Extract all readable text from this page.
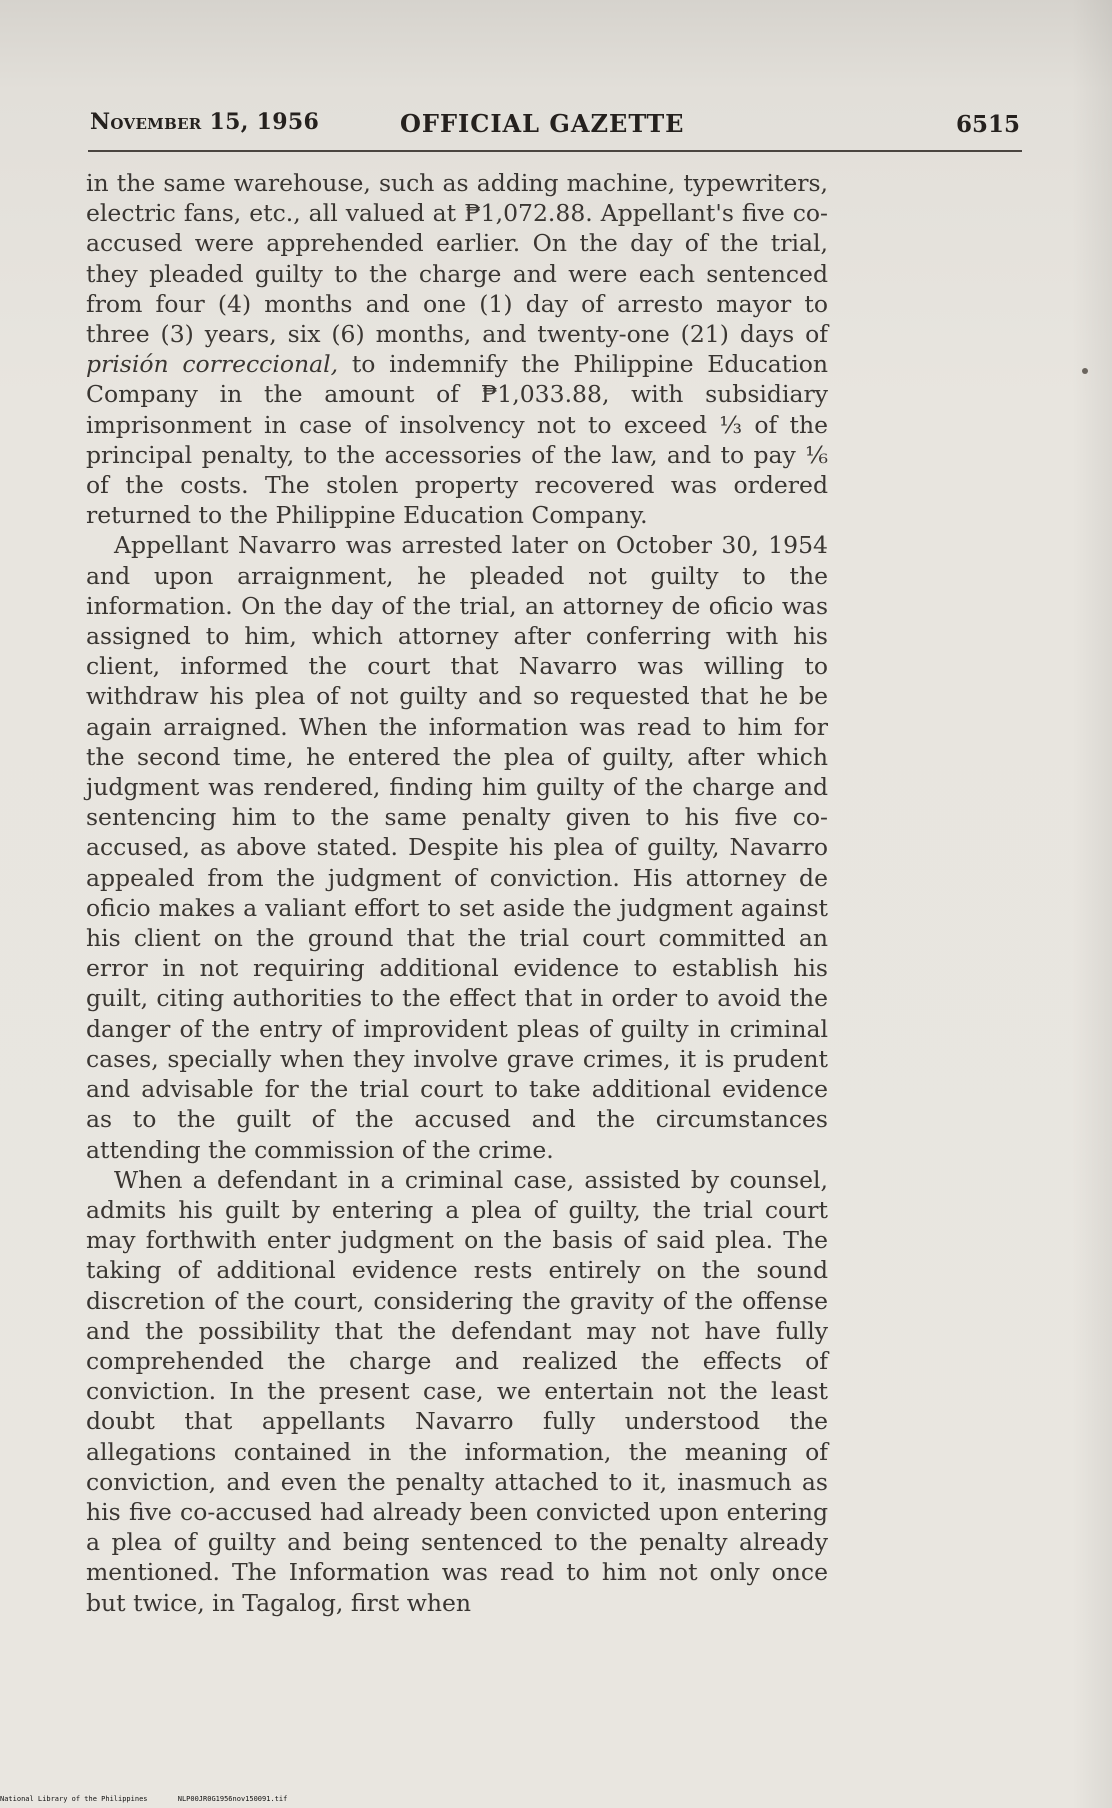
November 15, 1956	OFFICIAL GAZETTE	6515

in the same warehouse, such as adding machine, typewriters, electric fans, etc., all valued at ₱1,072.88. Appellant's five co-accused were apprehended earlier. On the day of the trial, they pleaded guilty to the charge and were each sentenced from four (4) months and one (1) day of arresto mayor to three (3) years, six (6) months, and twenty-one (21) days of prisión correccional, to indemnify the Philippine Education Company in the amount of ₱1,033.88, with subsidiary imprisonment in case of insolvency not to exceed ⅓ of the principal penalty, to the accessories of the law, and to pay ⅙ of the costs. The stolen property recovered was ordered returned to the Philippine Education Company.

Appellant Navarro was arrested later on October 30, 1954 and upon arraignment, he pleaded not guilty to the information. On the day of the trial, an attorney de oficio was assigned to him, which attorney after conferring with his client, informed the court that Navarro was willing to withdraw his plea of not guilty and so requested that he be again arraigned. When the information was read to him for the second time, he entered the plea of guilty, after which judgment was rendered, finding him guilty of the charge and sentencing him to the same penalty given to his five co-accused, as above stated. Despite his plea of guilty, Navarro appealed from the judgment of conviction. His attorney de oficio makes a valiant effort to set aside the judgment against his client on the ground that the trial court committed an error in not requiring additional evidence to establish his guilt, citing authorities to the effect that in order to avoid the danger of the entry of improvident pleas of guilty in criminal cases, specially when they involve grave crimes, it is prudent and advisable for the trial court to take additional evidence as to the guilt of the accused and the circumstances attending the commission of the crime.

When a defendant in a criminal case, assisted by counsel, admits his guilt by entering a plea of guilty, the trial court may forthwith enter judgment on the basis of said plea. The taking of additional evidence rests entirely on the sound discretion of the court, considering the gravity of the offense and the possibility that the defendant may not have fully comprehended the charge and realized the effects of conviction. In the present case, we entertain not the least doubt that appellants Navarro fully understood the allegations contained in the information, the meaning of conviction, and even the penalty attached to it, inasmuch as his five co-accused had already been convicted upon entering a plea of guilty and being sentenced to the penalty already mentioned. The Information was read to him not only once but twice, in Tagalog, first when

National Library of the Philippines	NLP00JR0G1956nov150091.tif
